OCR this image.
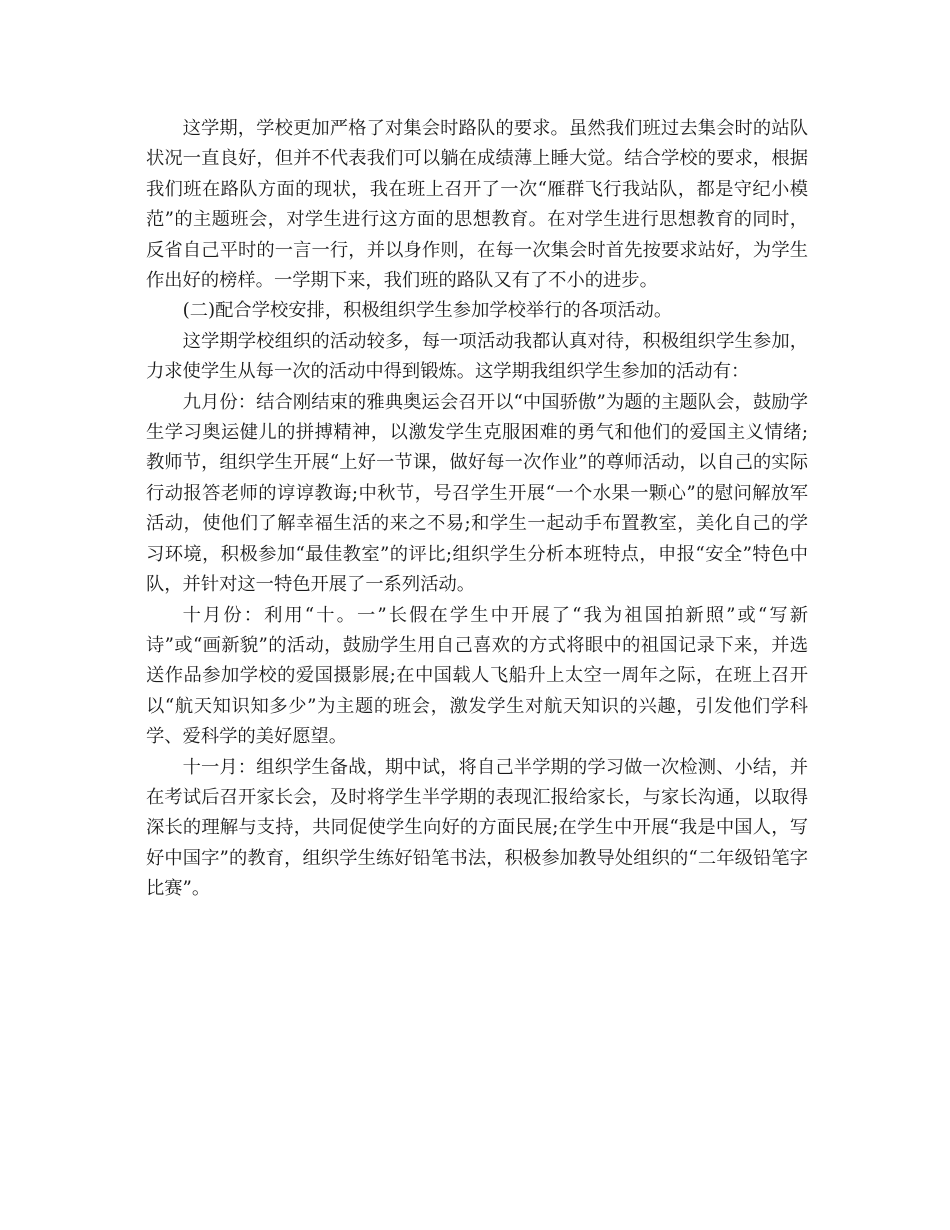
这学期，学校更加严格了对集会时路队的要求。虽然我们班过去集会时的站队状况一直良好，但并不代表我们可以躺在成绩薄上睡大觉。结合学校的要求，根据我们班在路队方面的现状，我在班上召开了一次“雁群飞行我站队，都是守纪小模范”的主题班会，对学生进行这方面的思想教育。在对学生进行思想教育的同时，反省自己平时的一言一行，并以身作则，在每一次集会时首先按要求站好，为学生作出好的榜样。一学期下来，我们班的路队又有了不小的进步。

(二)配合学校安排，积极组织学生参加学校举行的各项活动。

这学期学校组织的活动较多，每一项活动我都认真对待，积极组织学生参加，力求使学生从每一次的活动中得到锻炼。这学期我组织学生参加的活动有：

九月份：结合刚结束的雅典奥运会召开以“中国骄傲”为题的主题队会，鼓励学生学习奥运健儿的拼搏精神，以激发学生克服困难的勇气和他们的爱国主义情绪;教师节，组织学生开展“上好一节课，做好每一次作业”的尊师活动，以自己的实际行动报答老师的谆谆教诲;中秋节，号召学生开展“一个水果一颗心”的慰问解放军活动，使他们了解幸福生活的来之不易;和学生一起动手布置教室，美化自己的学习环境，积极参加“最佳教室”的评比;组织学生分析本班特点，申报“安全”特色中队，并针对这一特色开展了一系列活动。

十月份：利用“十。一”长假在学生中开展了“我为祖国拍新照”或“写新诗”或“画新貌”的活动，鼓励学生用自己喜欢的方式将眼中的祖国记录下来，并选送作品参加学校的爱国摄影展;在中国载人飞船升上太空一周年之际，在班上召开以“航天知识知多少”为主题的班会，激发学生对航天知识的兴趣，引发他们学科学、爱科学的美好愿望。

十一月：组织学生备战，期中试，将自己半学期的学习做一次检测、小结，并在考试后召开家长会，及时将学生半学期的表现汇报给家长，与家长沟通，以取得深长的理解与支持，共同促使学生向好的方面民展;在学生中开展“我是中国人，写好中国字”的教育，组织学生练好铅笔书法，积极参加教导处组织的“二年级铅笔字比赛”。
